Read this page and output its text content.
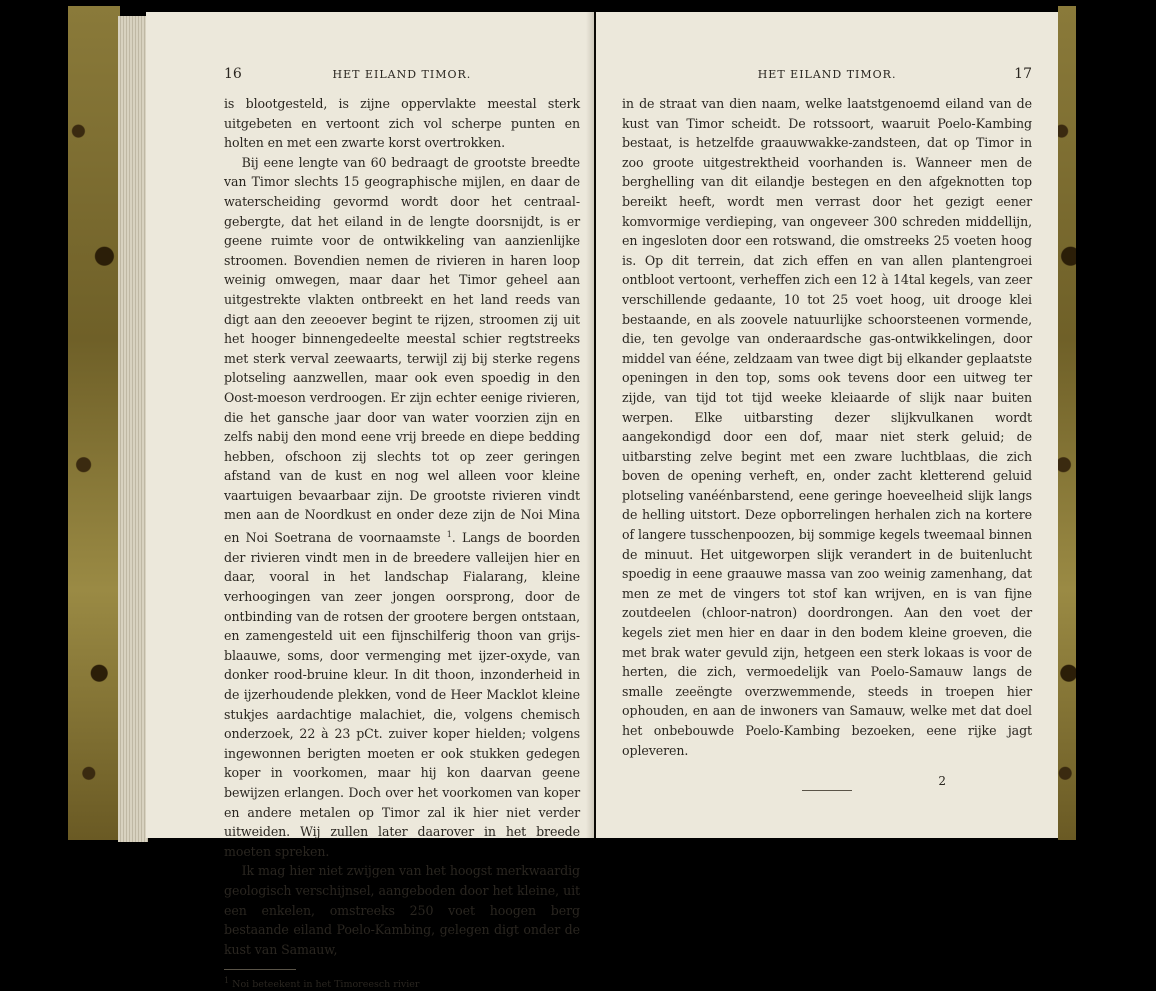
16	HET EILAND TIMOR.

is blootgesteld, is zijne oppervlakte meestal sterk uitgebeten en vertoont zich vol scherpe punten en holten en met een zwarte korst overtrokken.

Bij eene lengte van 60 bedraagt de grootste breedte van Timor slechts 15 geographische mijlen, en daar de waterscheiding gevormd wordt door het centraal-gebergte, dat het eiland in de lengte doorsnijdt, is er geene ruimte voor de ontwikkeling van aanzienlijke stroomen. Bovendien nemen de rivieren in haren loop weinig omwegen, maar daar het Timor geheel aan uitgestrekte vlakten ontbreekt en het land reeds van digt aan den zeeoever begint te rijzen, stroomen zij uit het hooger binnengedeelte meestal schier regtstreeks met sterk verval zeewaarts, terwijl zij bij sterke regens plotseling aanzwellen, maar ook even spoedig in den Oost-moeson verdroogen. Er zijn echter eenige rivieren, die het gansche jaar door van water voorzien zijn en zelfs nabij den mond eene vrij breede en diepe bedding hebben, ofschoon zij slechts tot op zeer geringen afstand van de kust en nog wel alleen voor kleine vaartuigen bevaarbaar zijn. De grootste rivieren vindt men aan de Noordkust en onder deze zijn de Noi Mina en Noi Soetrana de voornaamste $^1$. Langs de boorden der rivieren vindt men in de breedere valleijen hier en daar, vooral in het landschap Fialarang, kleine verhoogingen van zeer jongen oorsprong, door de ontbinding van de rotsen der grootere bergen ontstaan, en zamengesteld uit een fijnschilferig thoon van grijs-blaauwe, soms, door vermenging met ijzer-oxyde, van donker rood-bruine kleur. In dit thoon, inzonderheid in de ijzerhoudende plekken, vond de Heer Macklot kleine stukjes aardachtige malachiet, die, volgens chemisch onderzoek, 22 à 23 pCt. zuiver koper hielden; volgens ingewonnen berigten moeten er ook stukken gedegen koper in voorkomen, maar hij kon daarvan geene bewijzen erlangen. Doch over het voorkomen van koper en andere metalen op Timor zal ik hier niet verder uitweiden. Wij zullen later daarover in het breede moeten spreken.

Ik mag hier niet zwijgen van het hoogst merkwaardig geologisch verschijnsel, aangeboden door het kleine, uit een enkelen, omstreeks 250 voet hoogen berg bestaande eiland Poelo-Kambing, gelegen digt onder de kust van Samauw,

$^1$ Noi beteekent in het Timoreesch rivier
HET EILAND TIMOR.	17

in de straat van dien naam, welke laatstgenoemd eiland van de kust van Timor scheidt. De rotssoort, waaruit Poelo-Kambing bestaat, is hetzelfde graauwwakke-zandsteen, dat op Timor in zoo groote uitgestrektheid voorhanden is. Wanneer men de berghelling van dit eilandje bestegen en den afgeknotten top bereikt heeft, wordt men verrast door het gezigt eener komvormige verdieping, van ongeveer 300 schreden middellijn, en ingesloten door een rotswand, die omstreeks 25 voeten hoog is. Op dit terrein, dat zich effen en van allen plantengroei ontbloot vertoont, verheffen zich een 12 à 14tal kegels, van zeer verschillende gedaante, 10 tot 25 voet hoog, uit drooge klei bestaande, en als zoovele natuurlijke schoorsteenen vormende, die, ten gevolge van onderaardsche gas-ontwikkelingen, door middel van ééne, zeldzaam van twee digt bij elkander geplaatste openingen in den top, soms ook tevens door een uitweg ter zijde, van tijd tot tijd weeke kleiaarde of slijk naar buiten werpen. Elke uitbarsting dezer slijkvulkanen wordt aangekondigd door een dof, maar niet sterk geluid; de uitbarsting zelve begint met een zware luchtblaas, die zich boven de opening verheft, en, onder zacht kletterend geluid plotseling vanéénbarstend, eene geringe hoeveelheid slijk langs de helling uitstort. Deze opborrelingen herhalen zich na kortere of langere tusschenpoozen, bij sommige kegels tweemaal binnen de minuut. Het uitgeworpen slijk verandert in de buitenlucht spoedig in eene graauwe massa van zoo weinig zamenhang, dat men ze met de vingers tot stof kan wrijven, en is van fijne zoutdeelen (chloor-natron) doordrongen. Aan den voet der kegels ziet men hier en daar in den bodem kleine groeven, die met brak water gevuld zijn, hetgeen een sterk lokaas is voor de herten, die zich, vermoedelijk van Poelo-Samauw langs de smalle zeeëngte overzwemmende, steeds in troepen hier ophouden, en aan de inwoners van Samauw, welke met dat doel het onbebouwde Poelo-Kambing bezoeken, eene rijke jagt opleveren.

2
